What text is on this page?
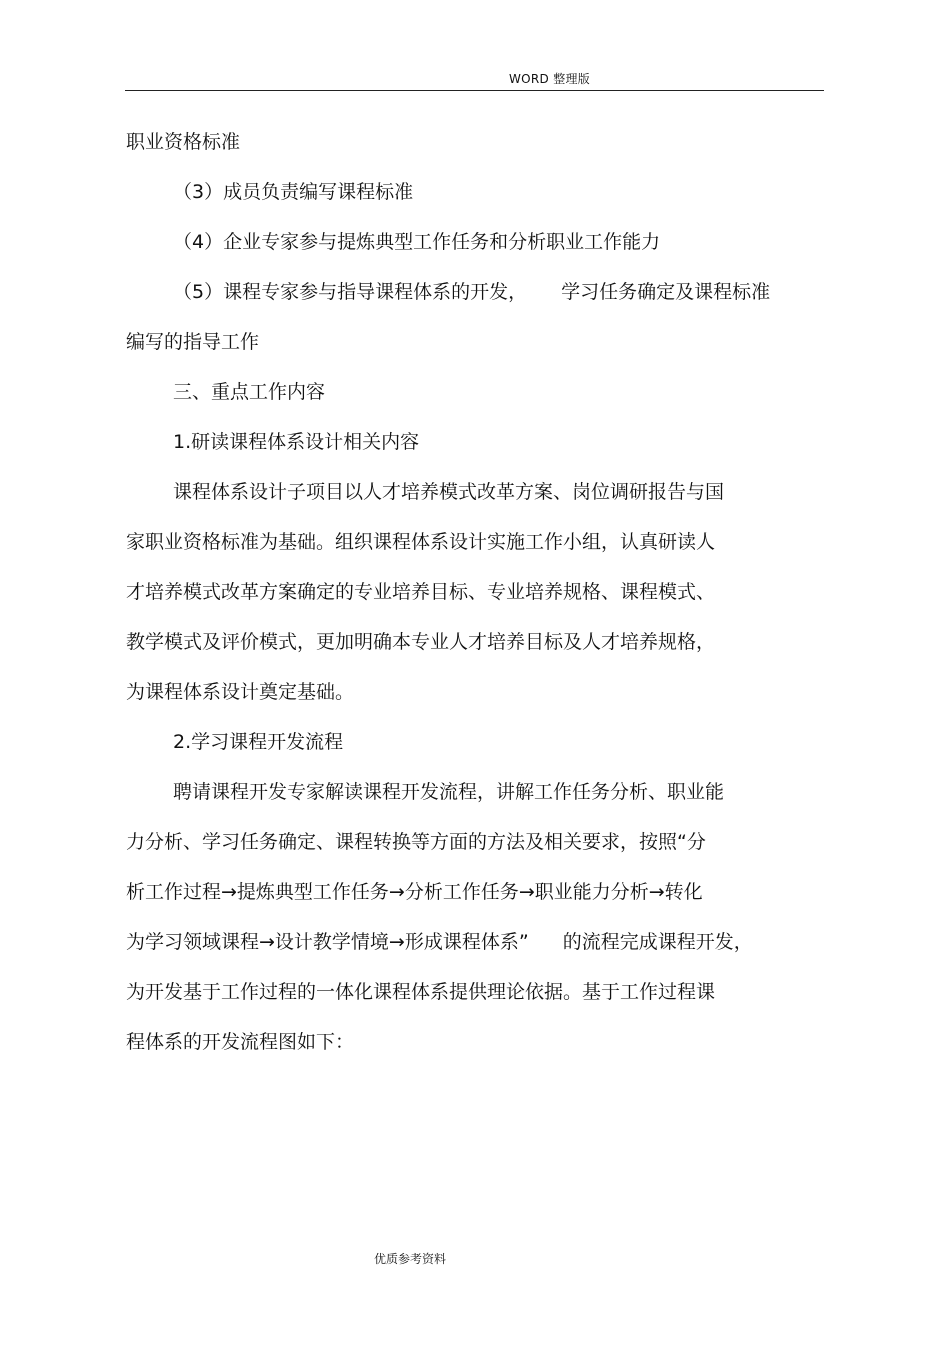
WORD 整理版
职业资格标准
（3）成员负责编写课程标准
（4）企业专家参与提炼典型工作任务和分析职业工作能力
（5）课程专家参与指导课程体系的开发， 学习任务确定及课程标准
编写的指导工作
三、重点工作内容
1.研读课程体系设计相关内容
课程体系设计子项目以人才培养模式改革方案、岗位调研报告与国
家职业资格标准为基础。组织课程体系设计实施工作小组，认真研读人
才培养模式改革方案确定的专业培养目标、专业培养规格、课程模式、
教学模式及评价模式，更加明确本专业人才培养目标及人才培养规格，
为课程体系设计奠定基础。
2.学习课程开发流程
聘请课程开发专家解读课程开发流程，讲解工作任务分析、职业能
力分析、学习任务确定、课程转换等方面的方法及相关要求，按照“分
析工作过程→提炼典型工作任务→分析工作任务→职业能力分析→转化
为学习领域课程→设计教学情境→形成课程体系” 的流程完成课程开发，
为开发基于工作过程的一体化课程体系提供理论依据。基于工作过程课
程体系的开发流程图如下：
优质参考资料
